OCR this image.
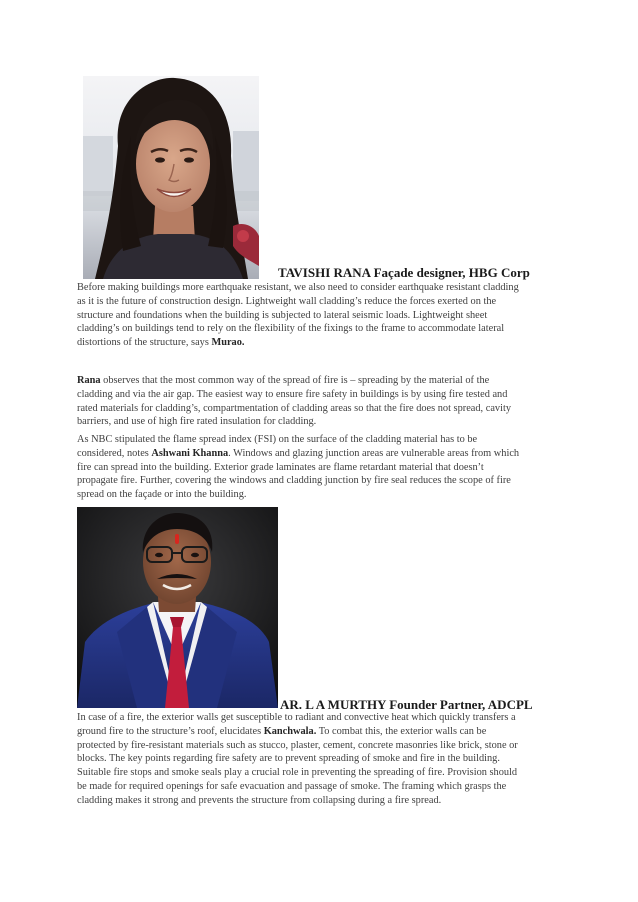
TAVISHI RANA Façade designer, HBG Corp
Before making buildings more earthquake resistant, we also need to consider earthquake resistant cladding
as it is the future of construction design. Lightweight wall cladding’s reduce the forces exerted on the
structure and foundations when the building is subjected to lateral seismic loads. Lightweight sheet
cladding’s on buildings tend to rely on the flexibility of the fixings to the frame to accommodate lateral
distortions of the structure, says Murao.
Rana observes that the most common way of the spread of fire is – spreading by the material of the
cladding and via the air gap. The easiest way to ensure fire safety in buildings is by using fire tested and
rated materials for cladding’s, compartmentation of cladding areas so that the fire does not spread, cavity
barriers, and use of high fire rated insulation for cladding.
As NBC stipulated the flame spread index (FSI) on the surface of the cladding material has to be
considered, notes Ashwani Khanna. Windows and glazing junction areas are vulnerable areas from which
fire can spread into the building. Exterior grade laminates are flame retardant material that doesn’t
propagate fire. Further, covering the windows and cladding junction by fire seal reduces the scope of fire
spread on the façade or into the building.
AR. L A MURTHY Founder Partner, ADCPL
In case of a fire, the exterior walls get susceptible to radiant and convective heat which quickly transfers a
ground fire to the structure’s roof, elucidates Kanchwala. To combat this, the exterior walls can be
protected by fire-resistant materials such as stucco, plaster, cement, concrete masonries like brick, stone or
blocks. The key points regarding fire safety are to prevent spreading of smoke and fire in the building.
Suitable fire stops and smoke seals play a crucial role in preventing the spreading of fire. Provision should
be made for required openings for safe evacuation and passage of smoke. The framing which grasps the
cladding makes it strong and prevents the structure from collapsing during a fire spread.
